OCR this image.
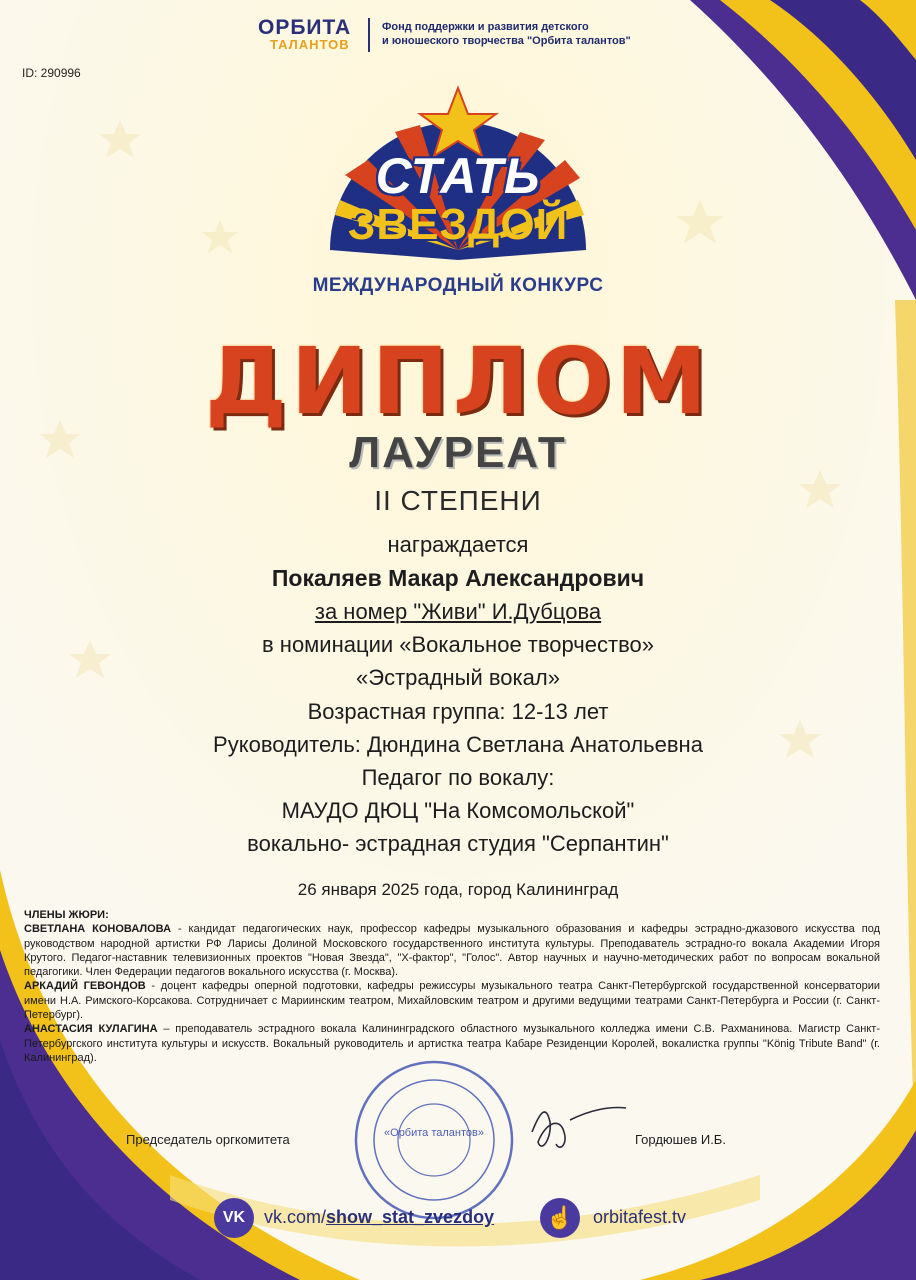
ОРБИТА
ТАЛАНТОВ
Фонд поддержки и развития детского
и юношеского творчества "Орбита талантов"
ID: 290996
СТАТЬ
ЗВЕЗДОЙ
МЕЖДУНАРОДНЫЙ КОНКУРС
ДИПЛОМ
ЛАУРЕАТ
II СТЕПЕНИ
награждается
Покаляев Макар Александрович
за номер "Живи" И.Дубцова
в номинации «Вокальное творчество»
«Эстрадный вокал»
Возрастная группа: 12-13 лет
Руководитель: Дюндина Светлана Анатольевна
Педагог по вокалу:
МАУДО ДЮЦ "На Комсомольской"
вокально- эстрадная студия "Серпантин"
26 января 2025 года, город Калининград
ЧЛЕНЫ ЖЮРИ:
СВЕТЛАНА КОНОВАЛОВА - кандидат педагогических наук, профессор кафедры музыкального образования и кафедры эстрадно-джазового искусства под руководством народной артистки РФ Ларисы Долиной Московского государственного института культуры. Преподаватель эстрадно-го вокала Академии Игоря Крутого. Педагог-наставник телевизионных проектов "Новая Звезда", "Х-фактор", "Голос". Автор научных и научно-методических работ по вопросам вокальной педагогики. Член Федерации педагогов вокального искусства (г. Москва).
АРКАДИЙ ГЕВОНДОВ - доцент кафедры оперной подготовки, кафедры режиссуры музыкального театра Санкт-Петербургской государственной консерватории имени Н.А. Римского-Корсакова. Сотрудничает с Мариинским театром, Михайловским театром и другими ведущими театрами Санкт-Петербурга и России (г. Санкт-Петербург).
АНАСТАСИЯ КУЛАГИНА – преподаватель эстрадного вокала Калининградского областного музыкального колледжа имени С.В. Рахманинова. Магистр Санкт-Петербургского института культуры и искусств. Вокальный руководитель и артистка театра Кабаре Резиденции Королей, вокалистка группы "König Tribute Band" (г. Калининград).
Председатель оргкомитета	Гордюшев И.Б.
«Орбита талантов»
VK	vk.com/show_stat_zvezdoy ☝	orbitafest.tv
